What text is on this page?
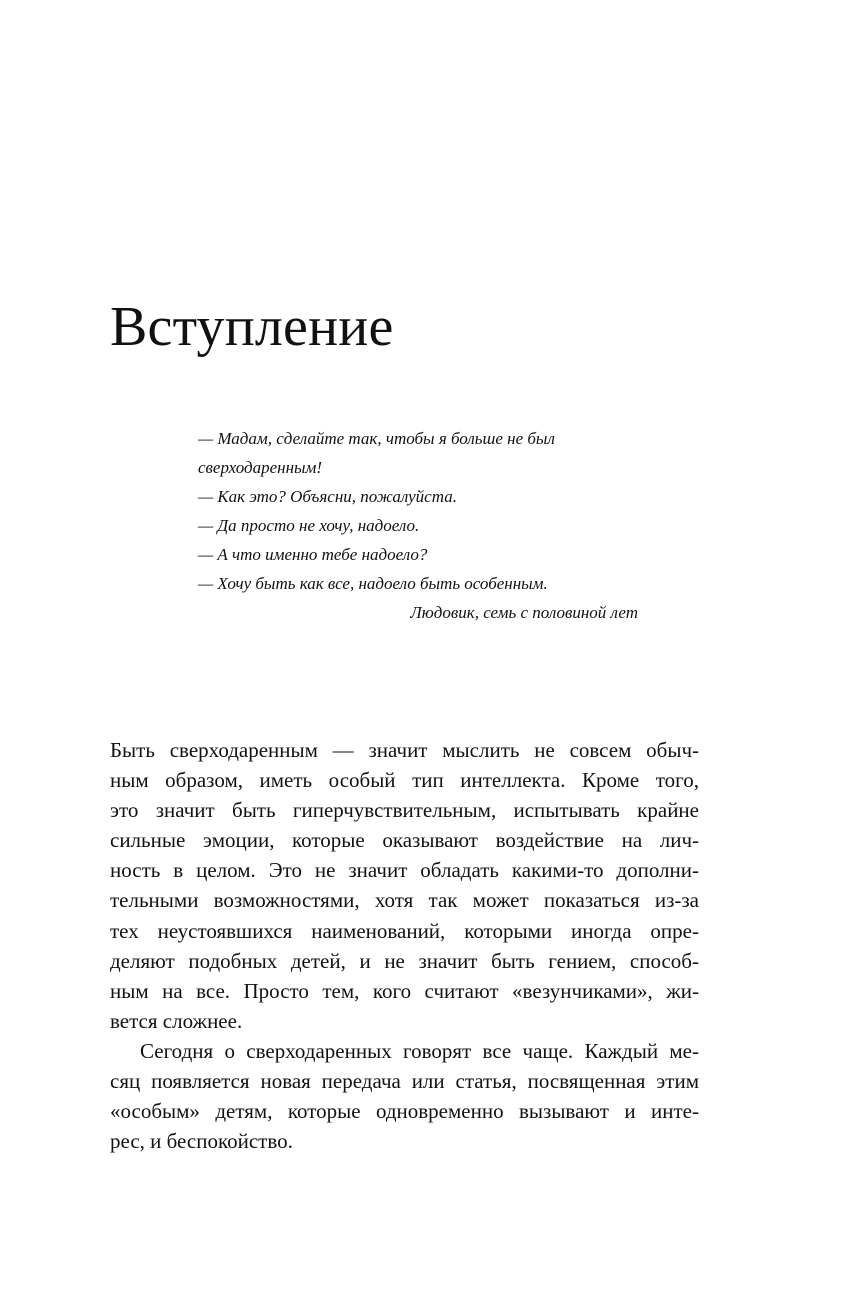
Вступление
— Мадам, сделайте так, чтобы я больше не был
сверходаренным!
— Как это? Объясни, пожалуйста.
— Да просто не хочу, надоело.
— А что именно тебе надоело?
— Хочу быть как все, надоело быть особенным.
Людовик, семь с половиной лет
Быть сверходаренным — значит мыслить не совсем обыч-
ным образом, иметь особый тип интеллекта. Кроме того,
это значит быть гиперчувствительным, испытывать крайне
сильные эмоции, которые оказывают воздействие на лич-
ность в целом. Это не значит обладать какими-то дополни-
тельными возможностями, хотя так может показаться из-за
тех неустоявшихся наименований, которыми иногда опре-
деляют подобных детей, и не значит быть гением, способ-
ным на все. Просто тем, кого считают «везунчиками», жи-
вется сложнее.
Сегодня о сверходаренных говорят все чаще. Каждый ме-
сяц появляется новая передача или статья, посвященная этим
«особым» детям, которые одновременно вызывают и инте-
рес, и беспокойство.
